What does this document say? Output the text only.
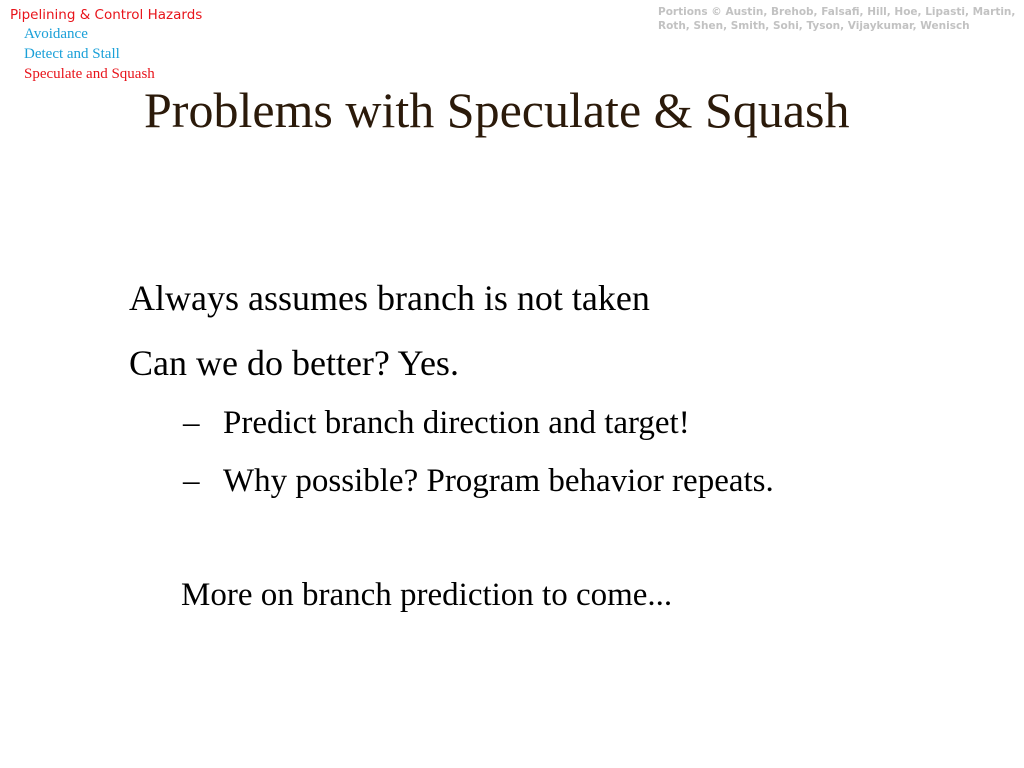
Pipelining & Control Hazards
Avoidance
Detect and Stall
Speculate and Squash
Portions © Austin, Brehob, Falsafi, Hill, Hoe, Lipasti, Martin,
Roth, Shen, Smith, Sohi, Tyson, Vijaykumar, Wenisch
Problems with Speculate & Squash
Always assumes branch is not taken
Can we do better? Yes.
– Predict branch direction and target!
– Why possible? Program behavior repeats.
More on branch prediction to come...
